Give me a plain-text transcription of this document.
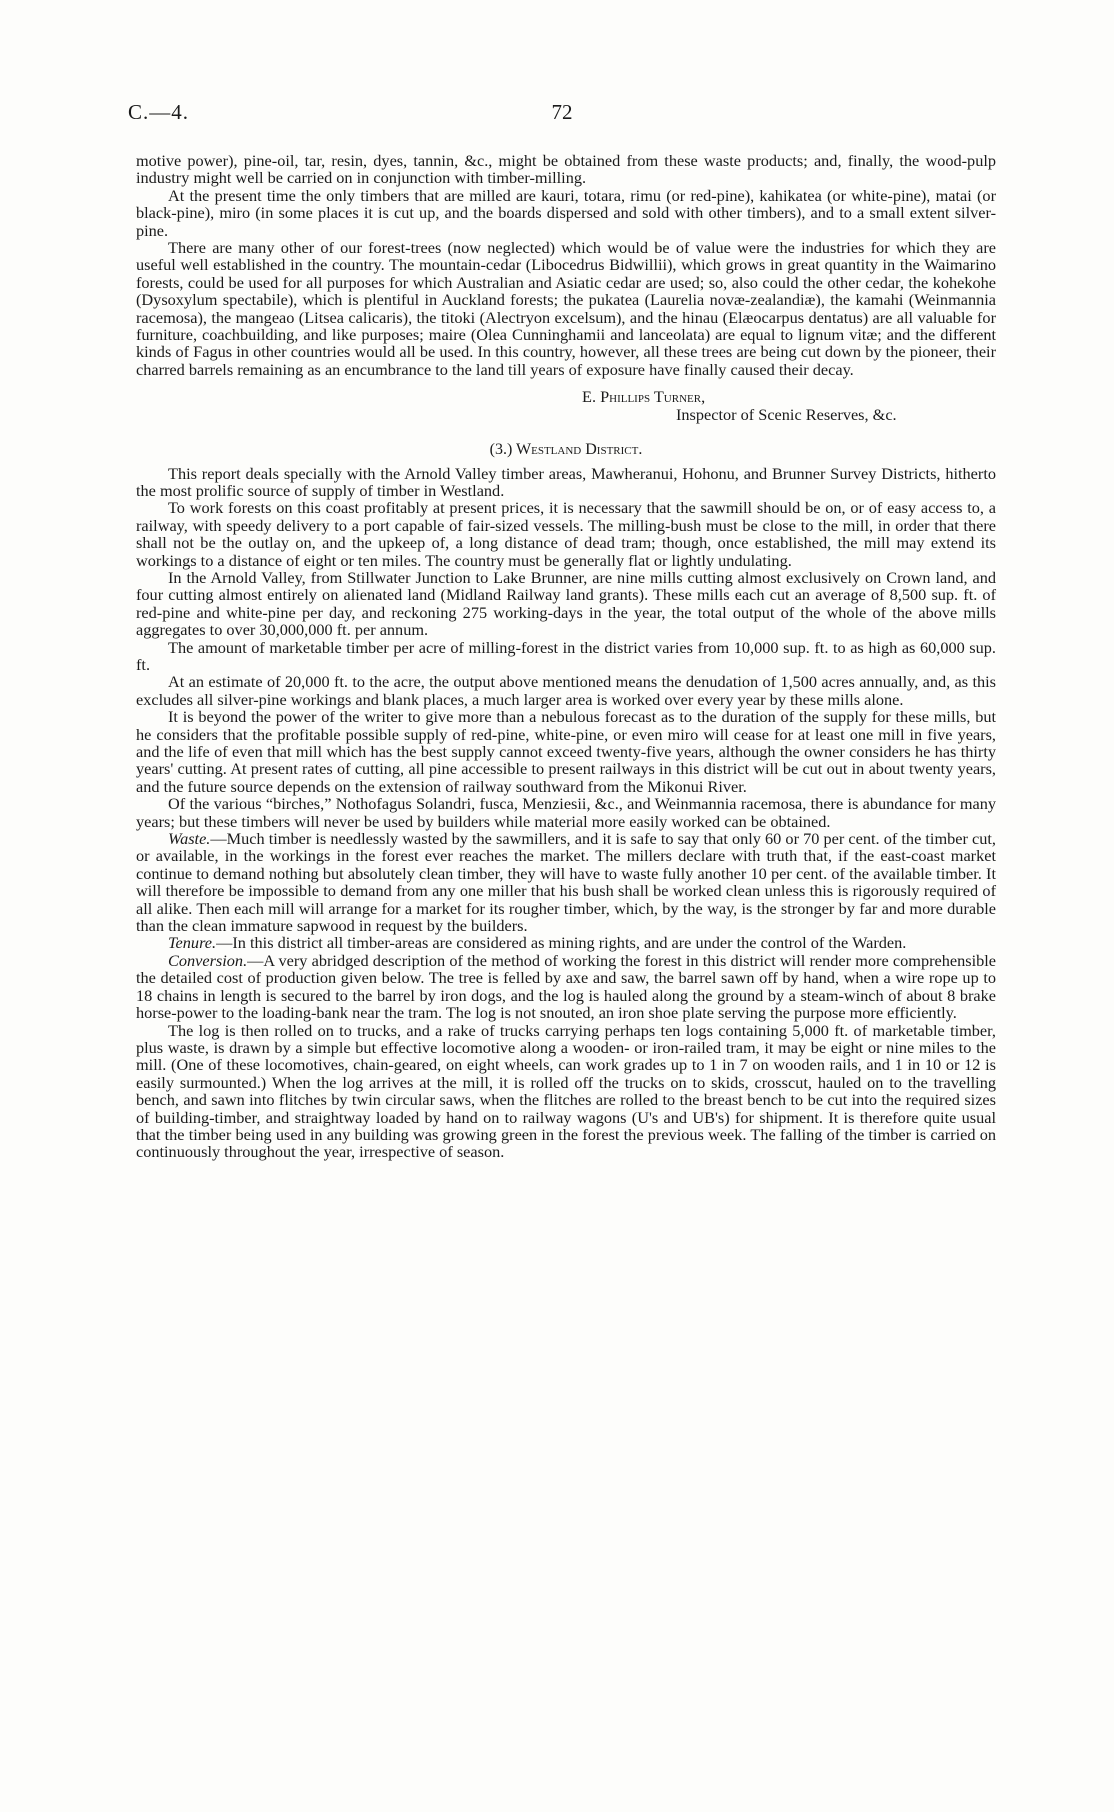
C.—4.	72

motive power), pine-oil, tar, resin, dyes, tannin, &c., might be obtained from these waste products; and, finally, the wood-pulp industry might well be carried on in conjunction with timber-milling.

At the present time the only timbers that are milled are kauri, totara, rimu (or red-pine), kahikatea (or white-pine), matai (or black-pine), miro (in some places it is cut up, and the boards dispersed and sold with other timbers), and to a small extent silver-pine.

There are many other of our forest-trees (now neglected) which would be of value were the industries for which they are useful well established in the country. The mountain-cedar (Libocedrus Bidwillii), which grows in great quantity in the Waimarino forests, could be used for all purposes for which Australian and Asiatic cedar are used; so, also could the other cedar, the kohekohe (Dysoxylum spectabile), which is plentiful in Auckland forests; the pukatea (Laurelia novæ-zealandiæ), the kamahi (Weinmannia racemosa), the mangeao (Litsea calicaris), the titoki (Alectryon excelsum), and the hinau (Elæocarpus dentatus) are all valuable for furniture, coachbuilding, and like purposes; maire (Olea Cunninghamii and lanceolata) are equal to lignum vitæ; and the different kinds of Fagus in other countries would all be used. In this country, however, all these trees are being cut down by the pioneer, their charred barrels remaining as an encumbrance to the land till years of exposure have finally caused their decay.

E. Phillips Turner,
Inspector of Scenic Reserves, &c.
(3.) Westland District.

This report deals specially with the Arnold Valley timber areas, Mawheranui, Hohonu, and Brunner Survey Districts, hitherto the most prolific source of supply of timber in Westland.

To work forests on this coast profitably at present prices, it is necessary that the sawmill should be on, or of easy access to, a railway, with speedy delivery to a port capable of fair-sized vessels. The milling-bush must be close to the mill, in order that there shall not be the outlay on, and the upkeep of, a long distance of dead tram; though, once established, the mill may extend its workings to a distance of eight or ten miles. The country must be generally flat or lightly undulating.

In the Arnold Valley, from Stillwater Junction to Lake Brunner, are nine mills cutting almost exclusively on Crown land, and four cutting almost entirely on alienated land (Midland Railway land grants). These mills each cut an average of 8,500 sup. ft. of red-pine and white-pine per day, and reckoning 275 working-days in the year, the total output of the whole of the above mills aggregates to over 30,000,000 ft. per annum.

The amount of marketable timber per acre of milling-forest in the district varies from 10,000 sup. ft. to as high as 60,000 sup. ft.

At an estimate of 20,000 ft. to the acre, the output above mentioned means the denudation of 1,500 acres annually, and, as this excludes all silver-pine workings and blank places, a much larger area is worked over every year by these mills alone.

It is beyond the power of the writer to give more than a nebulous forecast as to the duration of the supply for these mills, but he considers that the profitable possible supply of red-pine, white-pine, or even miro will cease for at least one mill in five years, and the life of even that mill which has the best supply cannot exceed twenty-five years, although the owner considers he has thirty years' cutting. At present rates of cutting, all pine accessible to present railways in this district will be cut out in about twenty years, and the future source depends on the extension of railway southward from the Mikonui River.

Of the various “birches,” Nothofagus Solandri, fusca, Menziesii, &c., and Weinmannia racemosa, there is abundance for many years; but these timbers will never be used by builders while material more easily worked can be obtained.

Waste.—Much timber is needlessly wasted by the sawmillers, and it is safe to say that only 60 or 70 per cent. of the timber cut, or available, in the workings in the forest ever reaches the market. The millers declare with truth that, if the east-coast market continue to demand nothing but absolutely clean timber, they will have to waste fully another 10 per cent. of the available timber. It will therefore be impossible to demand from any one miller that his bush shall be worked clean unless this is rigorously required of all alike. Then each mill will arrange for a market for its rougher timber, which, by the way, is the stronger by far and more durable than the clean immature sapwood in request by the builders.

Tenure.—In this district all timber-areas are considered as mining rights, and are under the control of the Warden.

Conversion.—A very abridged description of the method of working the forest in this district will render more comprehensible the detailed cost of production given below. The tree is felled by axe and saw, the barrel sawn off by hand, when a wire rope up to 18 chains in length is secured to the barrel by iron dogs, and the log is hauled along the ground by a steam-winch of about 8 brake horse-power to the loading-bank near the tram. The log is not snouted, an iron shoe plate serving the purpose more efficiently.

The log is then rolled on to trucks, and a rake of trucks carrying perhaps ten logs containing 5,000 ft. of marketable timber, plus waste, is drawn by a simple but effective locomotive along a wooden- or iron-railed tram, it may be eight or nine miles to the mill. (One of these locomotives, chain-geared, on eight wheels, can work grades up to 1 in 7 on wooden rails, and 1 in 10 or 12 is easily surmounted.) When the log arrives at the mill, it is rolled off the trucks on to skids, crosscut, hauled on to the travelling bench, and sawn into flitches by twin circular saws, when the flitches are rolled to the breast bench to be cut into the required sizes of building-timber, and straightway loaded by hand on to railway wagons (U's and UB's) for shipment. It is therefore quite usual that the timber being used in any building was growing green in the forest the previous week. The falling of the timber is carried on continuously throughout the year, irrespective of season.
